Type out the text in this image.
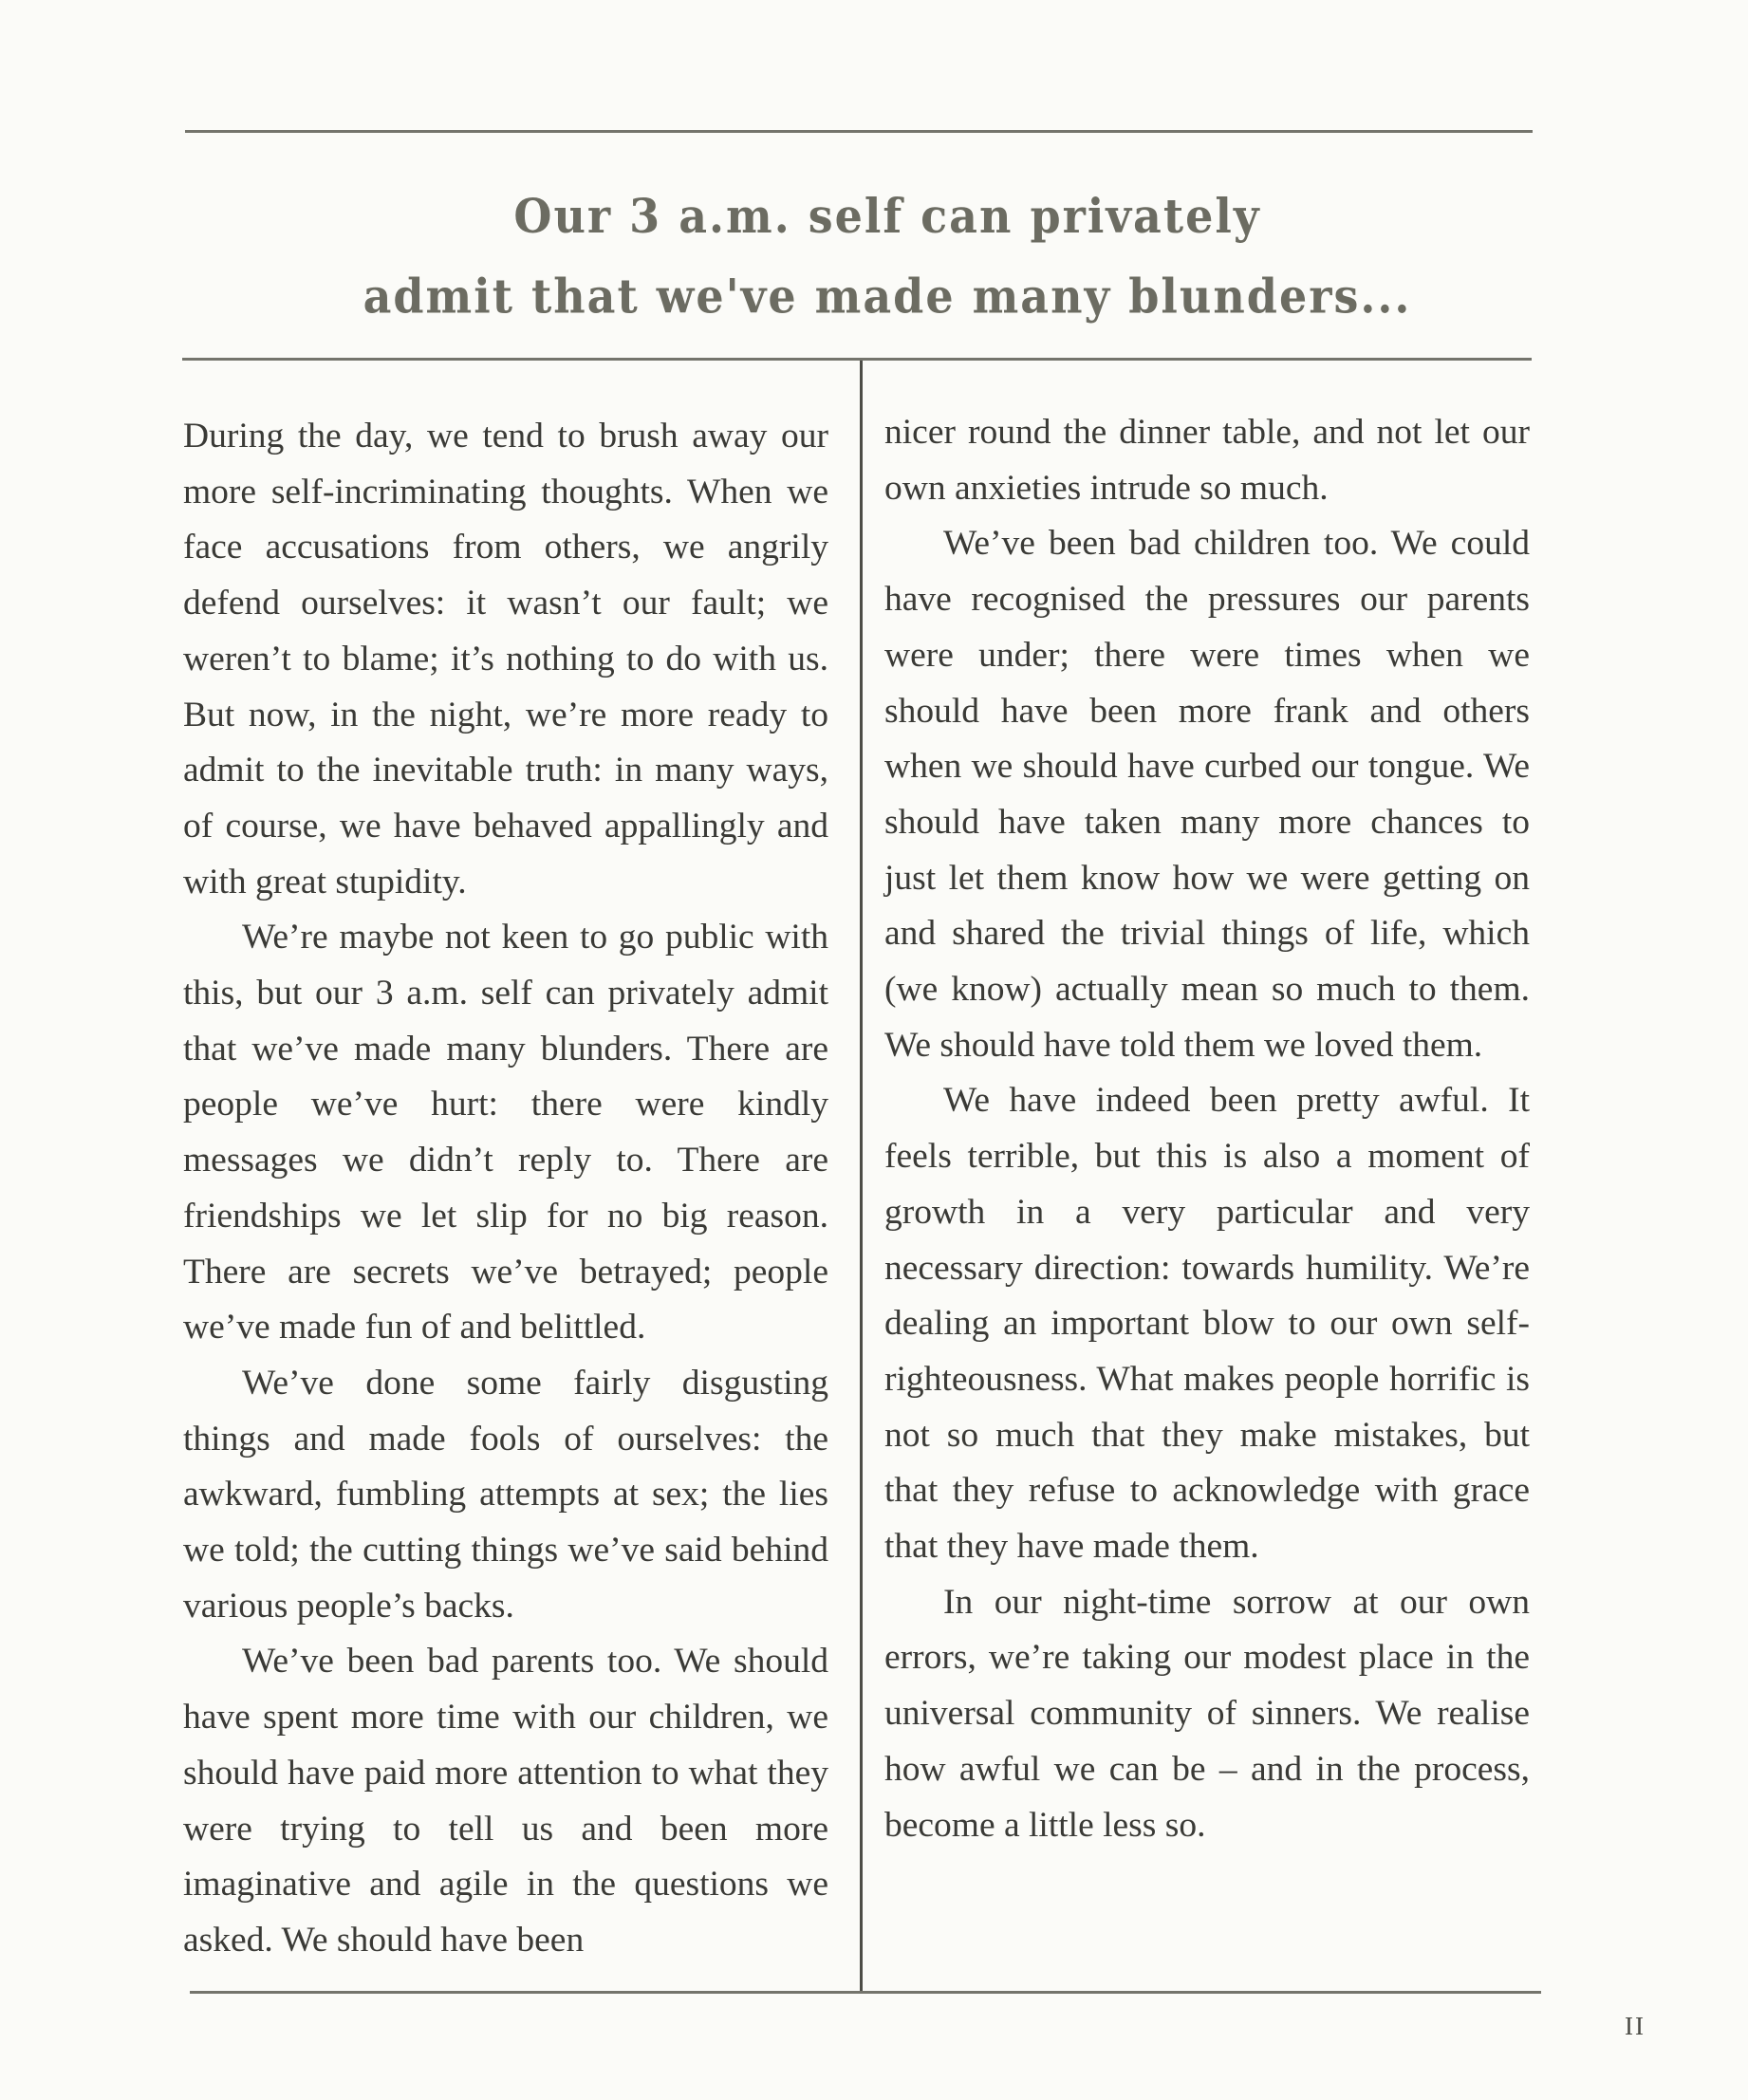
Our 3 a.m. self can privately
admit that we've made many blunders...

During the day, we tend to brush away our more self-incriminating thoughts. When we face accusations from others, we angrily defend ourselves: it wasn’t our fault; we weren’t to blame; it’s nothing to do with us. But now, in the night, we’re more ready to admit to the inevitable truth: in many ways, of course, we have behaved appallingly and with great stupidity.

We’re maybe not keen to go public with this, but our 3 a.m. self can privately admit that we’ve made many blunders. There are people we’ve hurt: there were kindly messages we didn’t reply to. There are friendships we let slip for no big reason. There are secrets we’ve betrayed; people we’ve made fun of and belittled.

We’ve done some fairly disgusting things and made fools of ourselves: the awkward, fumbling attempts at sex; the lies we told; the cutting things we’ve said behind various people’s backs.

We’ve been bad parents too. We should have spent more time with our children, we should have paid more attention to what they were trying to tell us and been more imaginative and agile in the questions we asked. We should have been

nicer round the dinner table, and not let our own anxieties intrude so much.

We’ve been bad children too. We could have recognised the pressures our parents were under; there were times when we should have been more frank and others when we should have curbed our tongue. We should have taken many more chances to just let them know how we were getting on and shared the trivial things of life, which (we know) actually mean so much to them. We should have told them we loved them.

We have indeed been pretty awful. It feels terrible, but this is also a moment of growth in a very particular and very necessary direction: towards humility. We’re dealing an important blow to our own self-righteousness. What makes people horrific is not so much that they make mistakes, but that they refuse to acknowledge with grace that they have made them.

In our night-time sorrow at our own errors, we’re taking our modest place in the universal community of sinners. We realise how awful we can be – and in the process, become a little less so.

II
